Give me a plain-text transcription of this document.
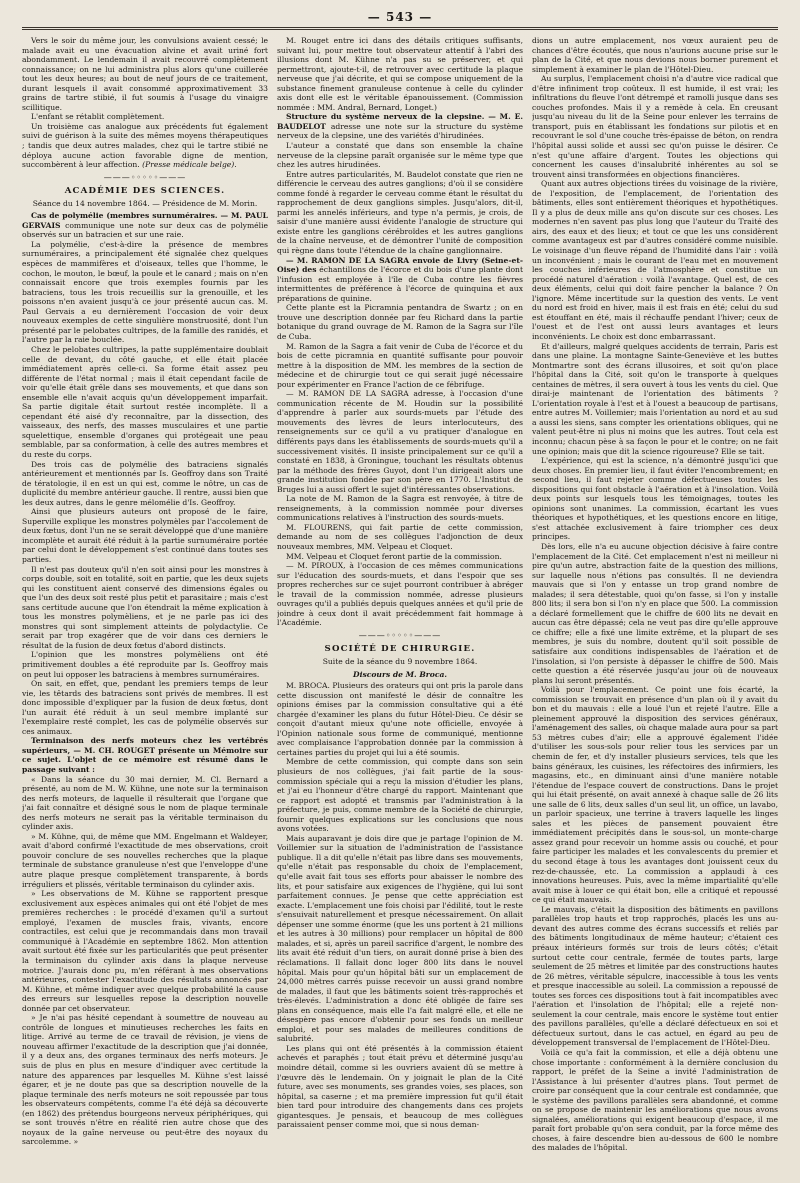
— 543 —

Vers le soir du même jour, les convulsions avaient cessé; le malade avait eu une évacuation alvine et avait uriné fort abondamment. Le lendemain il avait recouvré complètement connaissance; on ne lui administra plus alors qu'une cuillerée tout les deux heures; au bout de neuf jours de ce traitement, durant lesquels il avait consommé approximativement 33 grains de tartre stibié, il fut soumis à l'usage du vinaigre scillitique.

L'enfant se rétablit complètement.

Un troisième cas analogue aux précédents fut également suivi de guérison à la suite des mêmes moyens thérapeutiques ; tandis que deux autres malades, chez qui le tartre stibié ne déploya aucune action favorable digne de mention, succombèrent à leur affection. (Presse médicale belge).

———◦◦◦◦◦———
ACADÉMIE DES SCIENCES.
Séance du 14 novembre 1864. — Présidence de M. Morin.

Cas de polymélie (membres surnuméraires. — M. PAUL GERVAIS communique une note sur deux cas de polymélie observés sur un batracien et sur une raie.

La polymélie, c'est-à-dire la présence de membres surnuméraires, a principalement été signalée chez quelques espèces de mammifères et d'oiseaux, telles que l'homme, le cochon, le mouton, le bœuf, la poule et le canard ; mais on n'en connaissait encore que trois exemples fournis par les batraciens, tous les trois recueillis sur la grenouille, et les poissons n'en avaient jusqu'à ce jour présenté aucun cas. M. Paul Gervais a eu dernièrement l'occasion de voir deux nouveaux exemples de cette singulière monstruosité, dont l'un présenté par le pelobates cultripes, de la famille des ranidés, et l'autre par la raie bouclée.

Chez le pelobates cultripes, la patte supplémentaire doublait celle de devant, du côté gauche, et elle était placée immédiatement après celle-ci. Sa forme était assez peu différente de l'état normal ; mais il était cependant facile de voir qu'elle était grêle dans ses mouvements, et que dans son ensemble elle n'avait acquis qu'un développement imparfait. Sa partie digitale était surtout restée incomplète. Il a cependant été aisé d'y reconnaître, par la dissection, des vaisseaux, des nerfs, des masses musculaires et une partie squelettique, ensemble d'organes qui protégeait une peau semblable, par sa conformation, à celle des autres membres et du reste du corps.

Des trois cas de polymélie des batraciens signalés antérieurement et mentionnés par Is. Geoffroy dans son Traité de tératologie, il en est un qui est, comme le nôtre, un cas de duplicité du membre antérieur gauche. Il rentre, aussi bien que les deux autres, dans le genre mélomélie d'Is. Geoffroy.

Ainsi que plusieurs auteurs ont proposé de le faire, Superville explique les monstres polymèles par l'accolement de deux fœtus, dont l'un ne se serait développé que d'une manière incomplète et aurait été réduit à la partie surnuméraire portée par celui dont le développement s'est continué dans toutes ses parties.

Il n'est pas douteux qu'il n'en soit ainsi pour les monstres à corps double, soit en totalité, soit en partie, que les deux sujets qui les constituent aient conservé des dimensions égales ou que l'un des deux soit resté plus petit et parasitaire ; mais c'est sans certitude aucune que l'on étendrait la même explication à tous les monstres polymèliens, et je ne parle pas ici des monstres qui sont simplement atteints de polydactylie. Ce serait par trop exagérer que de voir dans ces derniers le résultat de la fusion de deux fœtus d'abord distincts.

L'opinion que les monstres polymèliens ont été primitivement doubles a été reproduite par Is. Geoffroy mais on peut lui opposer les batraciens à membres surnuméraires.

On sait, en effet, que, pendant les premiers temps de leur vie, les têtards des batraciens sont privés de membres. Il est donc impossible d'expliquer par la fusion de deux fœtus, dont l'un aurait été réduit à un seul membre implanté sur l'exemplaire resté complet, les cas de polymélie observés sur ces animaux.

Terminaison des nerfs moteurs chez les vertébrés supérieurs, — M. CH. ROUGET présente un Mémoire sur ce sujet. L'objet de ce mémoire est résumé dans le passage suivant :

« Dans la séance du 30 mai dernier, M. Cl. Bernard a présenté, au nom de M. W. Kühne, une note sur la terminaison des nerfs moteurs, de laquelle il résulterait que l'organe que j'ai fait connaître et désigné sous le nom de plaque terminale des nerfs moteurs ne serait pas la véritable terminaison du cylinder axis.

» M. Kühne, qui, de même que MM. Engelmann et Waldeyer, avait d'abord confirmé l'exactitude de mes observations, croit pouvoir conclure de ses nouvelles recherches que la plaque terminale de substance granuleuse n'est que l'enveloppe d'une autre plaque presque complètement transparente, à bords irréguliers et plissés, véritable terminaison du cylinder axis.

» Les observations de M. Kühne se rapportent presque exclusivement aux espèces animales qui ont été l'objet de mes premières recherches : le procédé d'examen qu'il a surtout employé, l'examen de muscles frais, vivants, encore contractiles, est celui que je recommandais dans mon travail communiqué à l'Académie en septembre 1862. Mon attention avait surtout été fixée sur les particularités que peut présenter la terminaison du cylinder axis dans la plaque nerveuse motrice. J'aurais donc pu, m'en référant à mes observations antérieures, contester l'exactitude des résultats annoncés par M. Kühne, et même indiquer avec quelque probabilité la cause des erreurs sur lesquelles repose la description nouvelle donnée par cet observateur.

» Je n'ai pas hésité cependant à soumettre de nouveau au contrôle de longues et minutieuses recherches les faits en litige. Arrivé au terme de ce travail de révision, je viens de nouveau affirmer l'exactitude de la description que j'ai donnée, il y a deux ans, des organes terminaux des nerfs moteurs. Je suis de plus en plus en mesure d'indiquer avec certitude la nature des apparences par lesquelles M. Kühne s'est laissé égarer, et je ne doute pas que sa description nouvelle de la plaque terminale des nerfs moteurs ne soit repoussée par tous les observateurs compétents, comme l'a été déjà sa découverte (en 1862) des prétendus bourgeons nerveux périphériques, qui se sont trouvés n'être en réalité rien autre chose que des noyaux de la gaîne nerveuse ou peut-être des noyaux du sarcolemme. »

M. Rouget entre ici dans des détails critiques suffisants, suivant lui, pour mettre tout observateur attentif à l'abri des illusions dont M. Kühne n'a pas su se préserver, et qui permettront, ajoute-t-il, de retrouver avec certitude la plaque nerveuse que j'ai décrite, et qui se compose uniquement de la substance finement granuleuse contenue à celle du cylinder axis dont elle est le véritable épanouissement. (Commission nommée : MM. Andral, Bernard, Longet.)

Structure du système nerveux de la clepsine. — M. E. BAUDELOT adresse une note sur la structure du système nerveux de la clepsine, une des variétés d'hirudinées.

L'auteur a constaté que dans son ensemble la chaîne nerveuse de la clepsine paraît organisée sur le même type que chez les autres hirudinées.

Entre autres particularités, M. Baudelot constate que rien ne différencie le cerveau des autres ganglions; d'où il se considère comme fondé à regarder le cerveau comme étant le résultat du rapprochement de deux ganglions simples. Jusqu'alors, dit-il, parmi les annelés inférieurs, and type n'a permis, je crois, de saisir d'une manière aussi évidente l'analogie de structure qui existe entre les ganglions cérébroïdes et les autres ganglions de la chaîne nerveuse, et de démontrer l'unité de composition qui règne dans toute l'étendue de la chaîne ganglionnaire.

— M. RAMON DE LA SAGRA envoie de Livry (Seine-et-Oise) des échantillons de l'écorce et du bois d'une plante dont l'infusion est employée à l'île de Cuba contre les fièvres intermittentes de préférence à l'écorce de quinquina et aux préparations de quinine.

Cette plante est la Picramnia pentandra de Swartz ; on en trouve une description donnée par feu Richard dans la partie botanique du grand ouvrage de M. Ramon de la Sagra sur l'île de Cuba.

M. Ramon de la Sagra a fait venir de Cuba de l'écorce et du bois de cette picramnia en quantité suffisante pour pouvoir mettre à la disposition de MM. les membres de la section de médecine et de chirurgie tout ce qui serait jugé nécessaire pour expérimenter en France l'action de ce fébrifuge.

— M. RAMON DE LA SAGRA adresse, à l'occasion d'une communication récente de M. Houdin sur la possibilité d'apprendre à parler aux sourds-muets par l'étude des mouvements des lèvres de leurs interlocuteurs, des renseignements sur ce qu'il a vu pratiquer d'analogue en différents pays dans les établissements de sourds-muets qu'il a successivement visités. Il insiste principalement sur ce qu'il a constaté en 1838, à Groningue, touchant les résultats obtenus par la méthode des frères Guyot, dont l'un dirigeait alors une grande institution fondée par son père en 1770. L'Institut de Bruges lui a aussi offert le sujet d'intéressantes observations.

La note de M. Ramon de la Sagra est renvoyée, à titre de renseignements, à la commission nommée pour diverses communications relatives à l'instruction des sourds-muets.

M. FLOURENS, qui fait partie de cette commission, demande au nom de ses collègues l'adjonction de deux nouveaux membres, MM. Velpeau et Cloquet.

MM. Velpeau et Cloquet feront partie de la commission.

— M. PIROUX, à l'occasion de ces mêmes communications sur l'éducation des sourds-muets, et dans l'espoir que ses propres recherches sur ce sujet pourront contribuer à abréger le travail de la commission nommée, adresse plusieurs ouvrages qu'il a publiés depuis quelques années et qu'il prie de joindre à ceux dont il avait précédemment fait hommage à l'Académie.

———◦◦◦◦◦———
SOCIÉTÉ DE CHIRURGIE.
Suite de la séance du 9 novembre 1864.
Discours de M. Broca.

M. BROCA. Plusieurs des orateurs qui ont pris la parole dans cette discussion ont manifesté le désir de connaître les opinions émises par la commission consultative qui a été chargée d'examiner les plans du futur Hôtel-Dieu. Ce désir se conçoit d'autant mieux qu'une note officielle, envoyée à l'Opinion nationale sous forme de communiqué, mentionne avec complaisance l'approbation donnée par la commission à certaines parties du projet qui lui a été soumis.

Membre de cette commission, qui compte dans son sein plusieurs de nos collègues, j'ai fait partie de la sous-commission spéciale qui a reçu la mission d'étudier les plans, et j'ai eu l'honneur d'être chargé du rapport. Maintenant que ce rapport est adopté et transmis par l'administration à la préfecture, je puis, comme membre de la Société de chirurgie, fournir quelques explications sur les conclusions que nous avons votées.

Mais auparavant je dois dire que je partage l'opinion de M. Voillemier sur la situation de l'administration de l'assistance publique. Il a dit qu'elle n'était pas libre dans ses mouvements, qu'elle n'était pas responsable du choix de l'emplacement, qu'elle avait fait tous ses efforts pour abaisser le nombre des lits, et pour satisfaire aux exigences de l'hygiène, qui lui sont parfaitement connues. Je pense que cette appréciation est exacte. L'emplacement une fois choisi par l'édilité, tout le reste s'ensuivait naturellement et presque nécessairement. On allait dépenser une somme énorme (que les uns portent à 21 millions et les autres à 30 millions) pour remplacer un hôpital de 800 malades, et si, après un pareil sacrifice d'argent, le nombre des lits avait été réduit d'un tiers, on aurait donné prise à bien des réclamations. Il fallait donc loger 800 lits dans le nouvel hôpital. Mais pour qu'un hôpital bâti sur un emplacement de 24,000 mètres carrés puisse recevoir un aussi grand nombre de malades, il faut que les bâtiments soient très-rapprochés et très-élevés. L'administration a donc été obligée de faire ses plans en conséquence, mais elle l'a fait malgré elle, et elle ne désespère pas encore d'obtenir pour ses fonds un meilleur emploi, et pour ses malades de meilleures conditions de salubrité.

Les plans qui ont été présentés à la commission étaient achevés et paraphés ; tout était prévu et déterminé jusqu'au moindre détail, comme si les ouvriers avaient dû se mettre à l'œuvre dès le lendemain. On y joignait le plan de la Cité future, avec ses monuments, ses grandes voies, ses places, son hôpital, sa caserne ; et ma première impression fut qu'il était bien tard pour introduire des changements dans ces projets gigantesques. Je pensais, et beaucoup de mes collègues paraissaient penser comme moi, que si nous deman-

dions un autre emplacement, nos vœux auraient peu de chances d'être écoutés, que nous n'aurions aucune prise sur le plan de la Cité, et que nous devions nous borner purement et simplement à examiner le plan de l'Hôtel-Dieu.

Au surplus, l'emplacement choisi n'a d'autre vice radical que d'être infiniment trop coûteux. Il est humide, il est vrai; les infiltrations du fleuve l'ont détrempé et ramolli jusque dans ses couches profondes. Mais il y a remède à cela. En creusant jusqu'au niveau du lit de la Seine pour enlever les terrains de transport, puis en établissant les fondations sur pilotis et en recouvrant le sol d'une couche très-épaisse de béton, on rendra l'hôpital aussi solide et aussi sec qu'on puisse le désirer. Ce n'est qu'une affaire d'argent. Toutes les objections qui concernent les causes d'insalubrité inhérentes au sol se trouvent ainsi transformées en objections financières.

Quant aux autres objections tirées du voisinage de la rivière, de l'exposition, de l'emplacement, de l'orientation des bâtiments, elles sont entièrement théoriques et hypothétiques. Il y a plus de deux mille ans qu'on discute sur ces choses. Les modernes n'en savent pas plus long que l'auteur du Traité des airs, des eaux et des lieux; et tout ce que les uns considèrent comme avantageux est par d'autres considéré comme nuisible. Le voisinage d'un fleuve répand de l'humidité dans l'air : voilà un inconvénient ; mais le courant de l'eau met en mouvement les couches inférieures de l'atmosphère et constitue un procédé naturel d'aération : voilà l'avantage. Quel est, de ces deux éléments, celui qui doit faire pencher la balance ? On l'ignore. Même incertitude sur la question des vents. Le vent du nord est froid en hiver, mais il est frais en été; celui du sud est étouffant en été, mais il réchauffe pendant l'hiver; ceux de l'ouest et de l'est ont aussi leurs avantages et leurs inconvénients. Le choix est donc embarrassant.

Et d'ailleurs, malgré quelques accidents de terrain, Paris est dans une plaine. La montagne Sainte-Geneviève et les buttes Montmartre sont des écrans illusoires, et soit qu'on place l'hôpital dans la Cité, soit qu'on le transporte à quelques centaines de mètres, il sera ouvert à tous les vents du ciel. Que dirai-je maintenant de l'orientation des bâtiments ? L'orientation royale à l'est et à l'ouest a beaucoup de partisans, entre autres M. Voillemier; mais l'orientation au nord et au sud a aussi les siens, sans compter les orientations obliques, qui ne valent peut-être ni plus ni moins que les autres. Tout cela est inconnu; chacun pèse à sa façon le pour et le contre; on ne fait une opinion; mais que dit la science rigoureuse? Elle se tait.

L'expérience, qui est la science, n'a démontré jusqu'ici que deux choses. En premier lieu, il faut éviter l'encombrement; en second lieu, il faut rejeter comme défectueuses toutes les dispositions qui font obstacle à l'aération et à l'insolation. Voilà deux points sur lesquels tous les témoignages, toutes les opinions sont unanimes. La commission, écartant les vues théoriques et hypothétiques, et les questions encore en litige, s'est attachée exclusivement à faire triompher ces deux principes.

Dès lors, elle n'a eu aucune objection décisive à faire contre l'emplacement de la Cité. Cet emplacement n'est ni meilleur ni pire qu'un autre, abstraction faite de la question des millions, sur laquelle nous n'étions pas consultés. Il ne deviendra mauvais que si l'on y entasse un trop grand nombre de malades; il sera détestable, quoi qu'on fasse, si l'on y installe 800 lits; il sera bon si l'on n'y en place que 500. La commission a déclaré formellement que le chiffre de 600 lits ne devait en aucun cas être dépassé; cela ne veut pas dire qu'elle approuve ce chiffre; elle a fixé une limite extrême, et la plupart de ses membres, je suis du nombre, doutent qu'il soit possible de satisfaire aux conditions indispensables de l'aération et de l'insolation, si l'on persiste à dépasser le chiffre de 500. Mais cette question a été réservée jusqu'au jour où de nouveaux plans lui seront présentés.

Voilà pour l'emplacement. Ce point une fois écarté, la commission se trouvait en présence d'un plan où il y avait du bon et du mauvais : elle a loué l'un et rejeté l'autre. Elle a pleinement approuvé la disposition des services généraux, l'aménagement des salles, où chaque malade aura pour sa part 53 mètres cubes d'air; elle a approuvé également l'idée d'utiliser les sous-sols pour relier tous les services par un chemin de fer, et d'y installer plusieurs services, tels que les bains généraux, les cuisines, les réfectoires des infirmiers, les magasins, etc., en diminuant ainsi d'une manière notable l'étendue de l'espace couvert de constructions. Dans le projet qui lui était présenté, on avait annexé à chaque salle de 26 lits une salle de 6 lits, deux salles d'un seul lit, un office, un lavabo, un parloir spacieux, une terrine à travers laquelle les linges sales et les pièces de pansement pouvaient être immédiatement précipités dans le sous-sol, un monte-charge assez grand pour recevoir un homme assis ou couché, et pour faire participer les malades et les convalescents du premier et du second étage à tous les avantages dont jouissent ceux du rez-de-chaussée, etc. La commission a applaudi à ces innovations heureuses. Puis, avec la même impartialité qu'elle avait mise à louer ce qui était bon, elle a critiqué et repoussé ce qui était mauvais.

Le mauvais, c'était la disposition des bâtiments en pavillons parallèles trop hauts et trop rapprochés, placés les uns au-devant des autres comme des écrans successifs et reliés par des bâtiments longitudinaux de même hauteur; c'étaient ces préaux intérieurs formés sur trois de leurs côtés; c'était surtout cette cour centrale, fermée de toutes parts, large seulement de 25 mètres et limitée par des constructions hautes de 26 mètres, véritable sépulcre, inaccessible à tous les vents et presque inaccessible au soleil. La commission a repoussé de toutes ses forces ces dispositions tout à fait incompatibles avec l'aération et l'insolation de l'hôpital; elle a rejeté non-seulement la cour centrale, mais encore le système tout entier des pavillons parallèles, qu'elle a déclaré défectueux en soi et défectueux surtout, dans le cas actuel, en égard au peu de développement transversal de l'emplacement de l'Hôtel-Dieu.

Voilà ce qu'a fait la commission, et elle a déjà obtenu une chose importante : conformément à la dernière conclusion du rapport, le préfet de la Seine a invité l'administration de l'Assistance à lui présenter d'autres plans. Tout permet de croire par conséquent que la cour centrale est condamnée, que le système des pavillons parallèles sera abandonné, et comme on se propose de maintenir les améliorations que nous avons signalées, améliorations qui exigent beaucoup d'espace, il me paraît fort probable qu'on sera conduit, par la force même des choses, à faire descendre bien au-dessous de 600 le nombre des malades de l'hôpital.
